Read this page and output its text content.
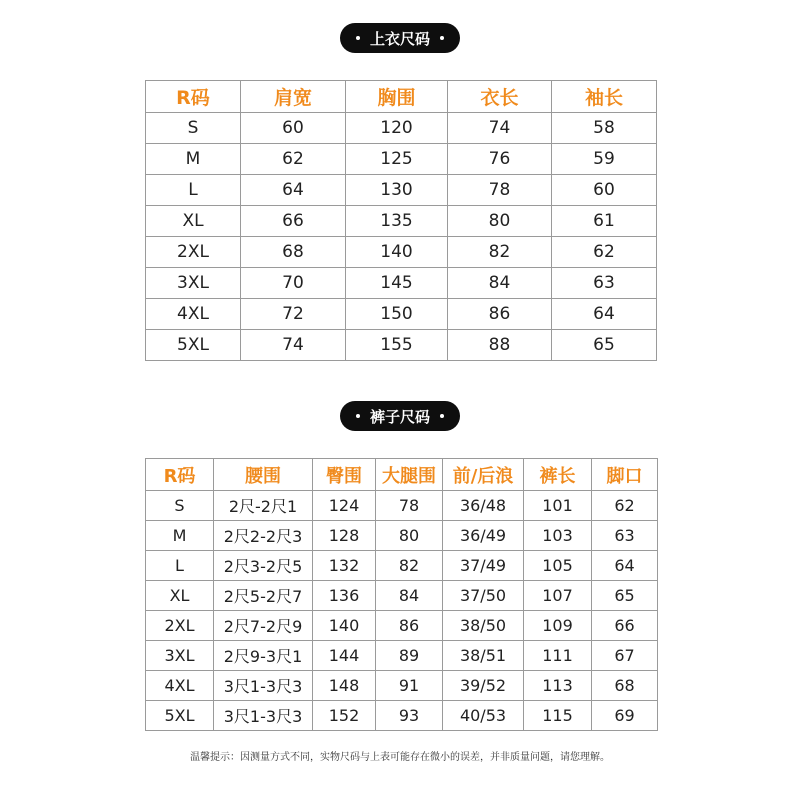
上衣尺码
R码	肩宽	胸围	衣长	袖长
S	60	120	74	58
M	62	125	76	59
L	64	130	78	60
XL	66	135	80	61
2XL	68	140	82	62
3XL	70	145	84	63
4XL	72	150	86	64
5XL	74	155	88	65
裤子尺码
R码	腰围	臀围	大腿围	前/后浪	裤长	脚口
S	2尺-2尺1	124	78	36/48	101	62
M	2尺2-2尺3	128	80	36/49	103	63
L	2尺3-2尺5	132	82	37/49	105	64
XL	2尺5-2尺7	136	84	37/50	107	65
2XL	2尺7-2尺9	140	86	38/50	109	66
3XL	2尺9-3尺1	144	89	38/51	111	67
4XL	3尺1-3尺3	148	91	39/52	113	68
5XL	3尺1-3尺3	152	93	40/53	115	69
温馨提示：因测量方式不同，实物尺码与上表可能存在微小的误差，并非质量问题，请您理解。
